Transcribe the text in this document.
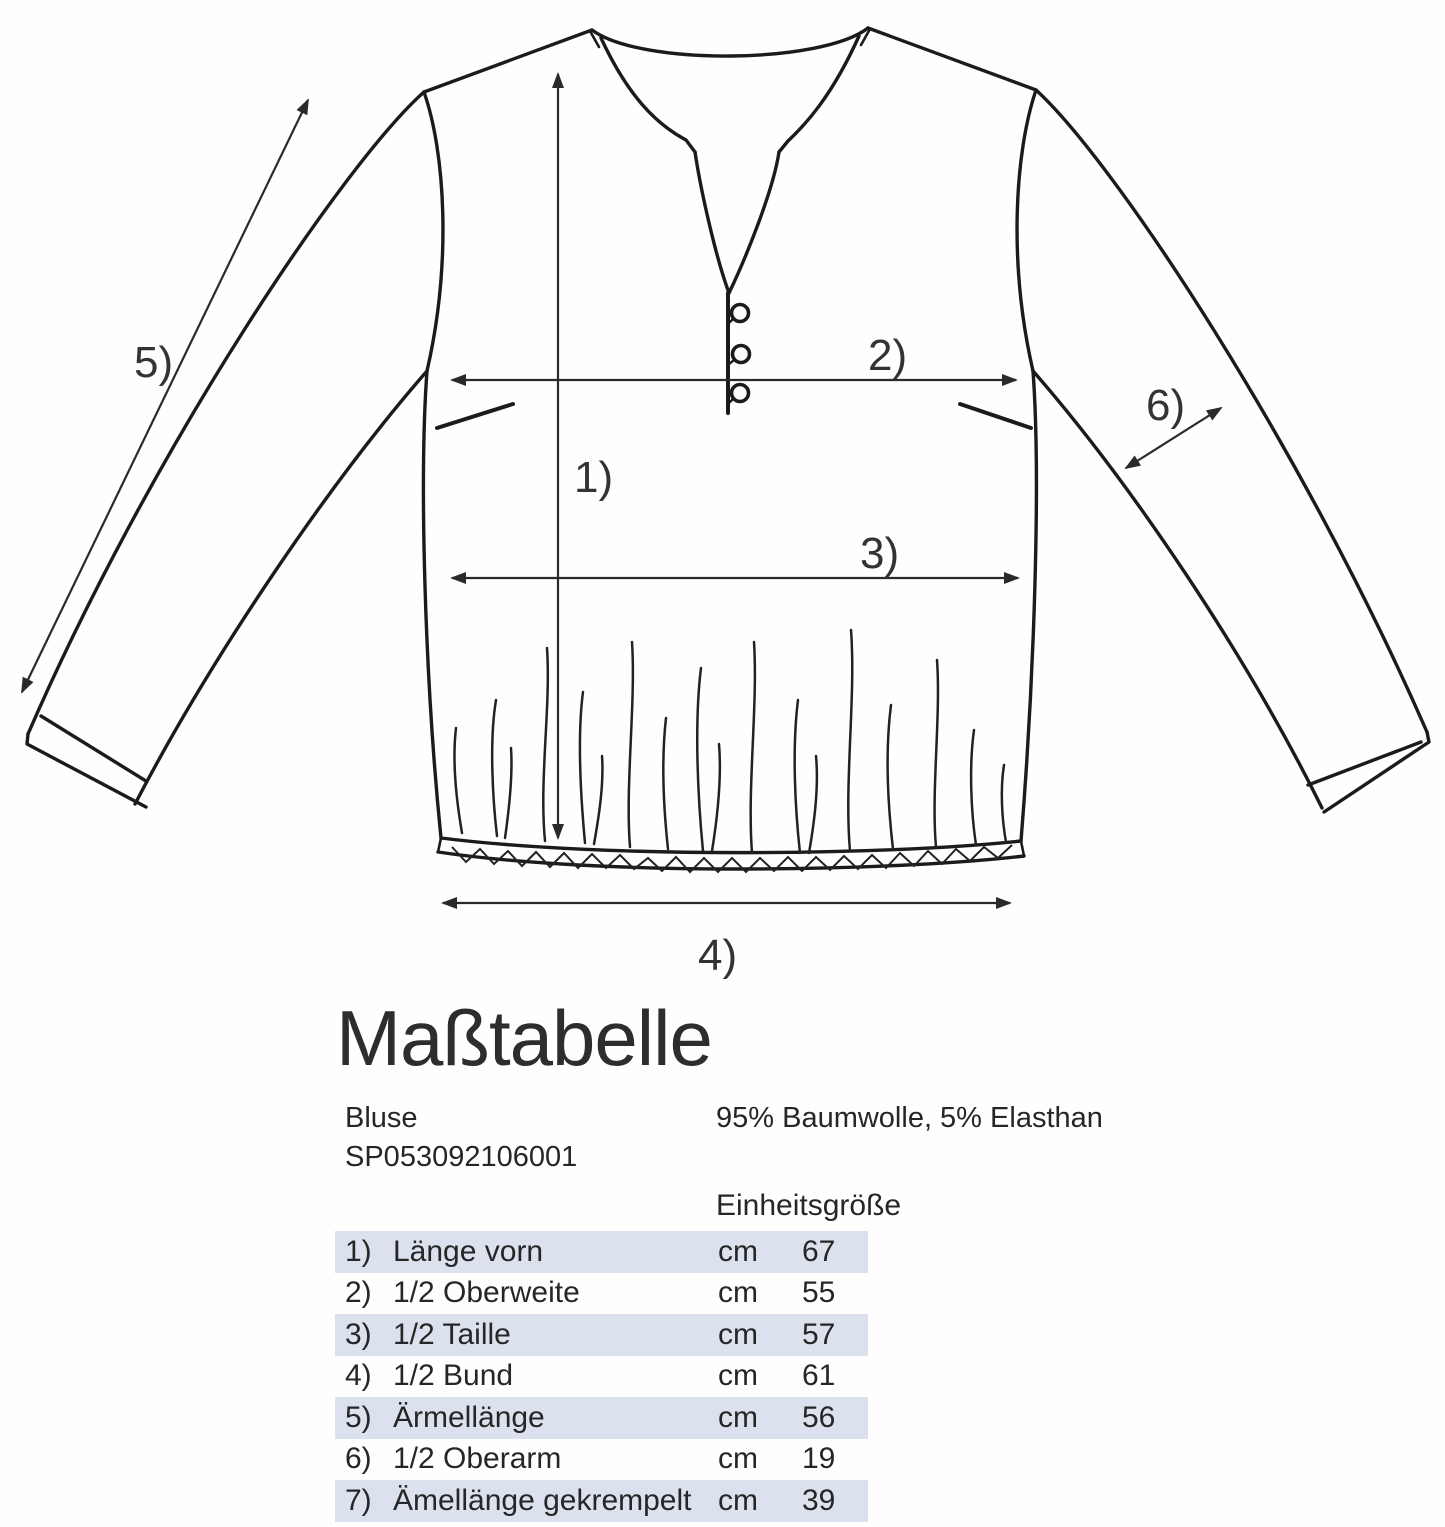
1)
2)
3)
4)
5)
6)
Maßtabelle
Bluse	95% Baumwolle, 5% Elasthan
SP053092106001
Einheitsgröße
1) Länge vorn	cm	67
2) 1/2 Oberweite	cm	55
3) 1/2 Taille	cm	57
4) 1/2 Bund	cm	61
5) Ärmellänge	cm	56
6) 1/2 Oberarm	cm	19
7) Ämellänge gekrempelt cm	39
